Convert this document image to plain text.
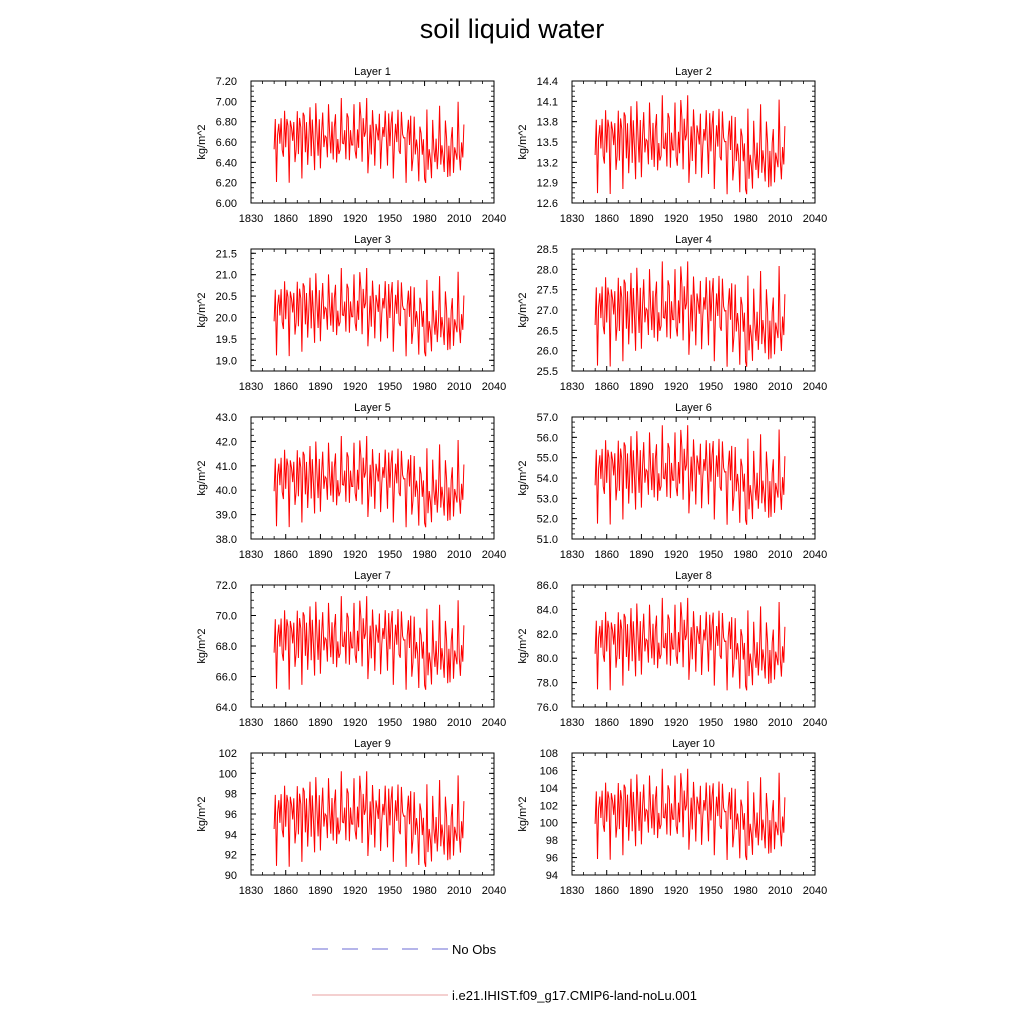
soil liquid water
Layer 1
kg/m^2
1830 1860 1890 1920 1950 1980 2010 2040
6.00
6.20
6.40
6.60
6.80
7.00
7.20
Layer 2
kg/m^2
1830 1860 1890 1920 1950 1980 2010 2040
12.6
12.9
13.2
13.5
13.8
14.1
14.4
Layer 3
kg/m^2
1830 1860 1890 1920 1950 1980 2010 2040
19.0
19.5
20.0
20.5
21.0
21.5
Layer 4
kg/m^2
1830 1860 1890 1920 1950 1980 2010 2040
25.5
26.0
26.5
27.0
27.5
28.0
28.5
Layer 5
kg/m^2
1830 1860 1890 1920 1950 1980 2010 2040
38.0
39.0
40.0
41.0
42.0
43.0
Layer 6
kg/m^2
1830 1860 1890 1920 1950 1980 2010 2040
51.0
52.0
53.0
54.0
55.0
56.0
57.0
Layer 7
kg/m^2
1830 1860 1890 1920 1950 1980 2010 2040
64.0
66.0
68.0
70.0
72.0
Layer 8
kg/m^2
1830 1860 1890 1920 1950 1980 2010 2040
76.0
78.0
80.0
82.0
84.0
86.0
Layer 9
kg/m^2
1830 1860 1890 1920 1950 1980 2010 2040
90
92
94
96
98
100
102
Layer 10
kg/m^2
1830 1860 1890 1920 1950 1980 2010 2040
94
96
98
100
102
104
106
108
No Obs
i.e21.IHIST.f09_g17.CMIP6-land-noLu.001
